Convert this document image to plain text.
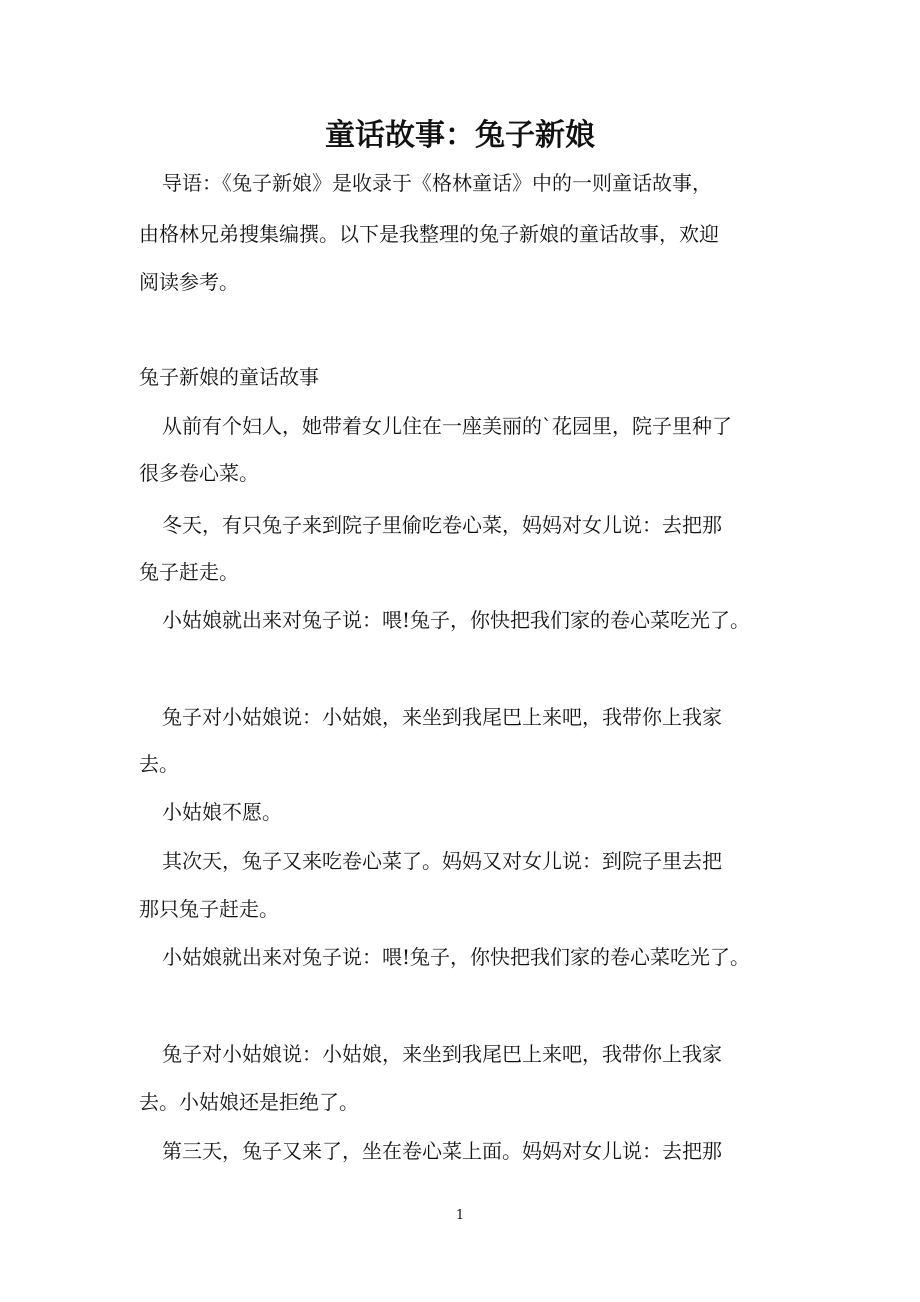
童话故事：兔子新娘

导语：《兔子新娘》是收录于《格林童话》中的一则童话故事，

由格林兄弟搜集编撰。以下是我整理的兔子新娘的童话故事，欢迎

阅读参考。

兔子新娘的童话故事

从前有个妇人，她带着女儿住在一座美丽的`花园里，院子里种了

很多卷心菜。

冬天，有只兔子来到院子里偷吃卷心菜，妈妈对女儿说：去把那

兔子赶走。

小姑娘就出来对兔子说：喂!兔子，你快把我们家的卷心菜吃光了。

兔子对小姑娘说：小姑娘，来坐到我尾巴上来吧，我带你上我家

去。

小姑娘不愿。

其次天，兔子又来吃卷心菜了。妈妈又对女儿说：到院子里去把

那只兔子赶走。

小姑娘就出来对兔子说：喂!兔子，你快把我们家的卷心菜吃光了。

兔子对小姑娘说：小姑娘，来坐到我尾巴上来吧，我带你上我家

去。小姑娘还是拒绝了。

第三天，兔子又来了，坐在卷心菜上面。妈妈对女儿说：去把那

1
